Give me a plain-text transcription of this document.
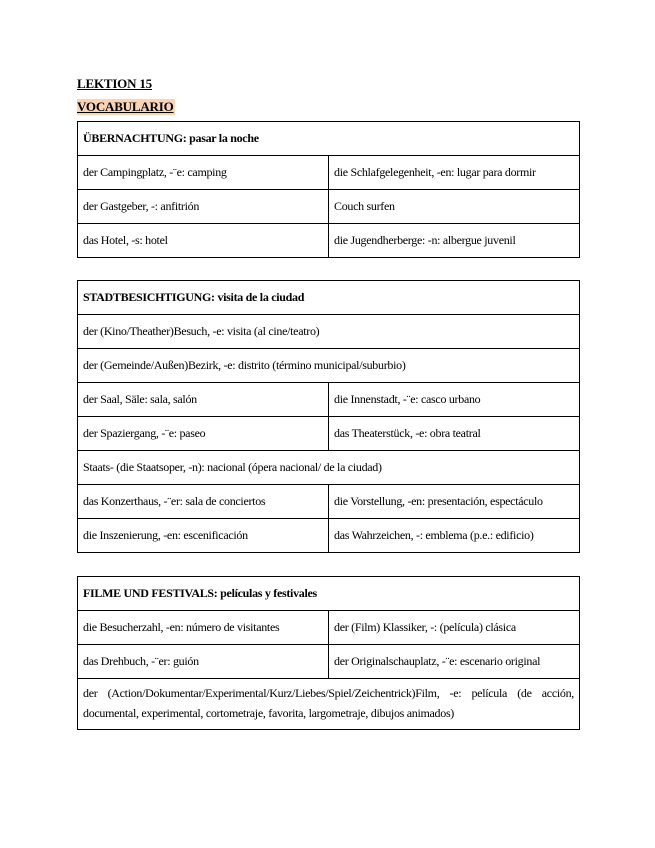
LEKTION 15
VOCABULARIO
ÜBERNACHTUNG: pasar la noche	
der Campingplatz, -¨e: camping	die Schlafgelegenheit, -en: lugar para dormir
der Gastgeber, -: anfitrión	Couch surfen
das Hotel, -s: hotel	die Jugendherberge: -n: albergue juvenil
STADTBESICHTIGUNG: visita de la ciudad	
der (Kino/Theather)Besuch, -e: visita (al cine/teatro)	
der (Gemeinde/Außen)Bezirk, -e: distrito (término municipal/suburbio)	
der Saal, Säle: sala, salón	die Innenstadt, -¨e: casco urbano
der Spaziergang, -¨e: paseo	das Theaterstück, -e: obra teatral
Staats- (die Staatsoper, -n): nacional (ópera nacional/ de la ciudad)	
das Konzerthaus, -¨er: sala de conciertos	die Vorstellung, -en: presentación, espectáculo
die Inszenierung, -en: escenificación	das Wahrzeichen, -: emblema (p.e.: edificio)
FILME UND FESTIVALS: películas y festivales	
die Besucherzahl, -en: número de visitantes	der (Film) Klassiker, -: (película) clásica
das Drehbuch, -¨er: guión	der Originalschauplatz, -¨e: escenario original
der (Action/Dokumentar/Experimental/Kurz/Liebes/Spiel/Zeichentrick)Film, -e: película (de acción, documental, experimental, cortometraje, favorita, largometraje, dibujos animados)	
